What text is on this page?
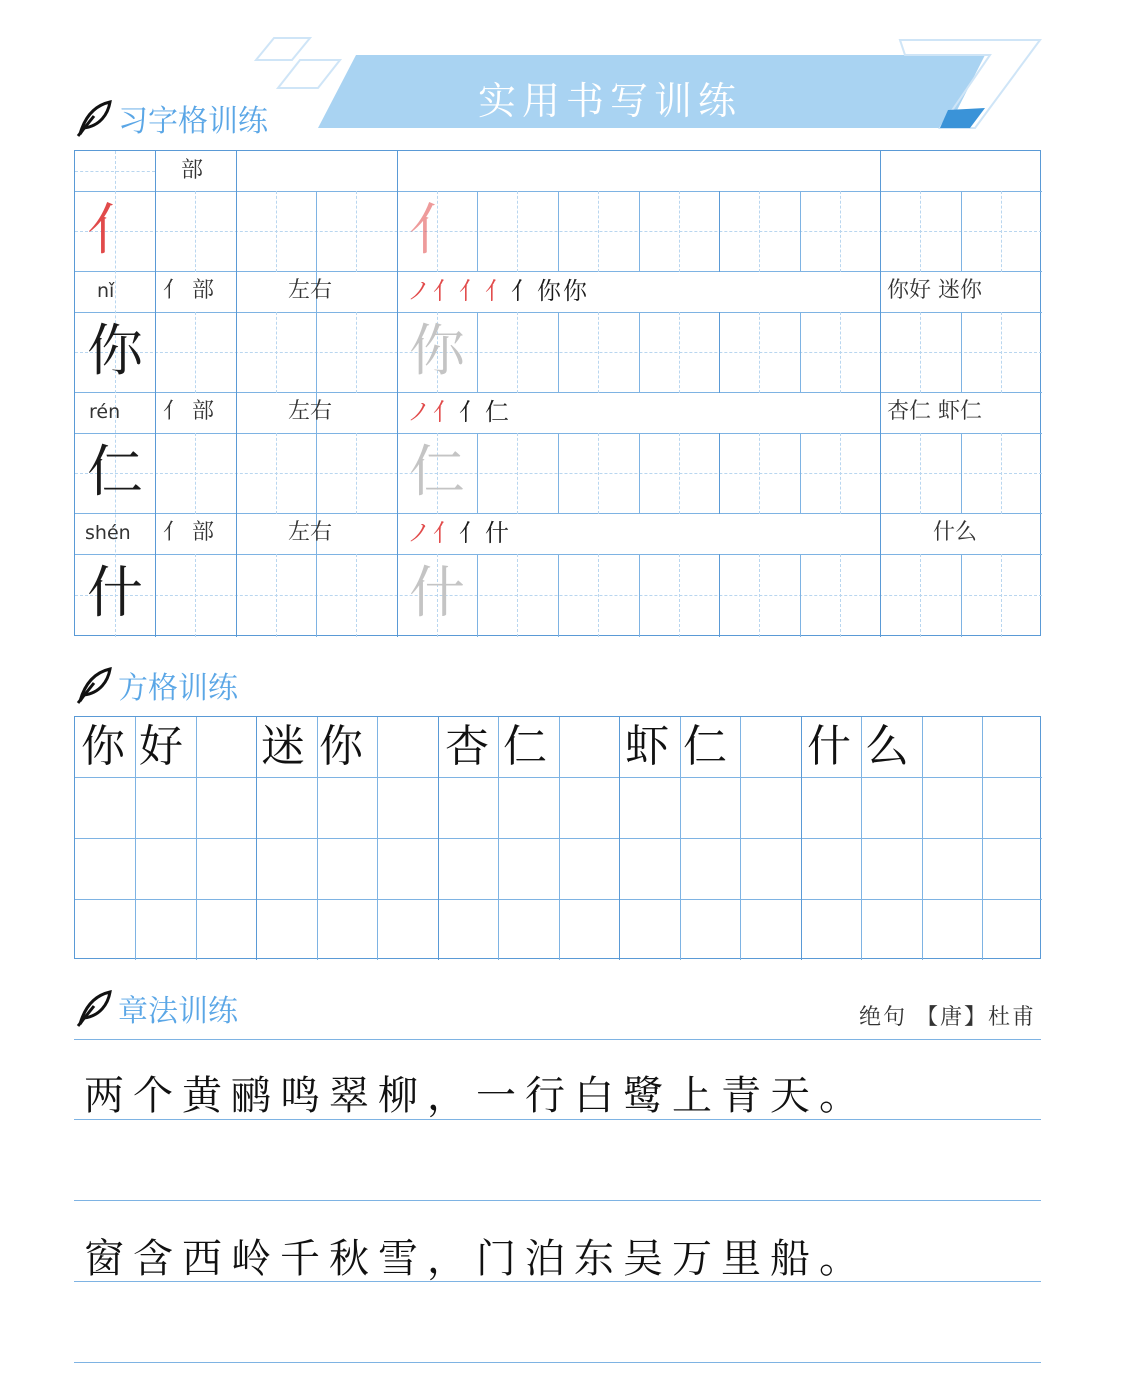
实用书写训练
习字格训练
部
亻	亻
nǐ 亻 部	左右	ノ亻亻亻亻你你	你好 迷你
你	你
rén 亻 部	左右	ノ亻亻仁	杏仁 虾仁
仁	仁
shén 亻 部	左右	ノ亻亻什	什么
什	什
方格训练
你好 迷你 杏仁 虾仁 什么
章法训练	绝句 【唐】杜甫
两个黄鹂鸣翠柳，一行白鹭上青天。
窗含西岭千秋雪，门泊东吴万里船。
